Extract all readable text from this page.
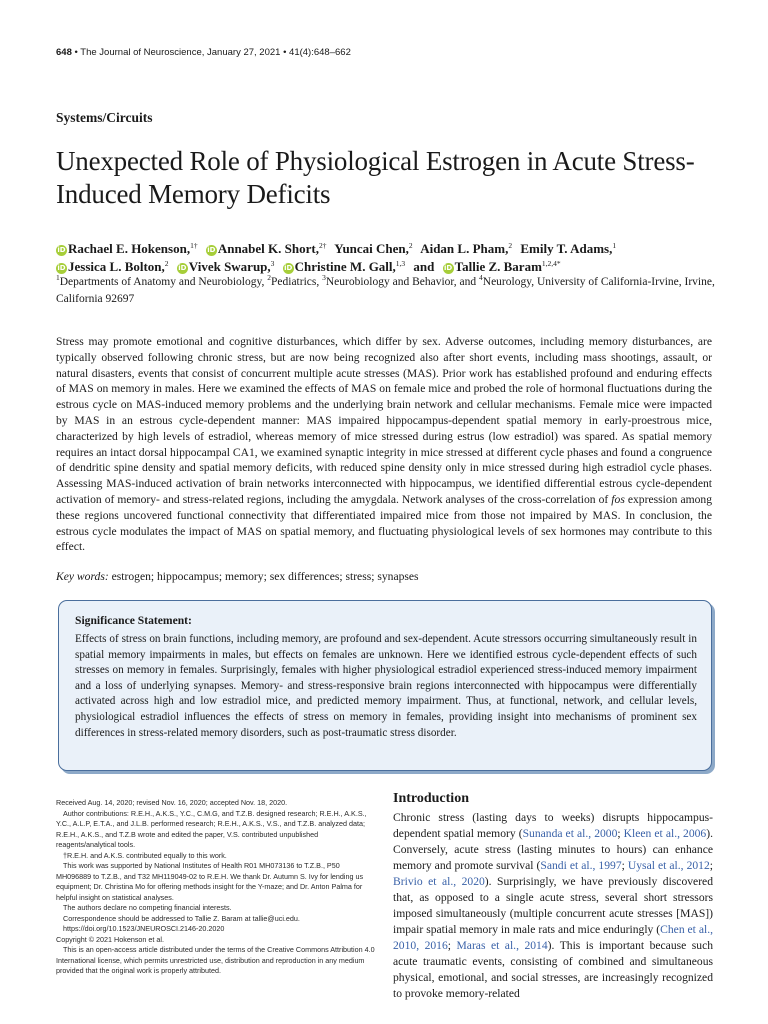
648 • The Journal of Neuroscience, January 27, 2021 • 41(4):648–662
Systems/Circuits
Unexpected Role of Physiological Estrogen in Acute Stress-Induced Memory Deficits
iD Rachael E. Hokenson,$^{1\dagger}$ iD Annabel K. Short,$^{2\dagger}$ Yuncai Chen,$^2$ Aidan L. Pham,$^2$ Emily T. Adams,$^1$ iD Jessica L. Bolton,$^2$ iD Vivek Swarup,$^3$ iD Christine M. Gall,$^{1,3}$ and iD Tallie Z. Baram$^{1,2,4*}$
$^1$Departments of Anatomy and Neurobiology, $^2$Pediatrics, $^3$Neurobiology and Behavior, and $^4$Neurology, University of California-Irvine, Irvine, California 92697

Stress may promote emotional and cognitive disturbances, which differ by sex. Adverse outcomes, including memory disturbances, are typically observed following chronic stress, but are now being recognized also after short events, including mass shootings, assault, or natural disasters, events that consist of concurrent multiple acute stresses (MAS). Prior work has established profound and enduring effects of MAS on memory in males. Here we examined the effects of MAS on female mice and probed the role of hormonal fluctuations during the estrous cycle on MAS-induced memory problems and the underlying brain network and cellular mechanisms. Female mice were impacted by MAS in an estrous cycle-dependent manner: MAS impaired hippocampus-dependent spatial memory in early-proestrous mice, characterized by high levels of estradiol, whereas memory of mice stressed during estrus (low estradiol) was spared. As spatial memory requires an intact dorsal hippocampal CA1, we examined synaptic integrity in mice stressed at different cycle phases and found a congruence of dendritic spine density and spatial memory deficits, with reduced spine density only in mice stressed during high estradiol cycle phases. Assessing MAS-induced activation of brain networks interconnected with hippocampus, we identified differential estrous cycle-dependent activation of memory- and stress-related regions, including the amygdala. Network analyses of the cross-correlation of fos expression among these regions uncovered functional connectivity that differentiated impaired mice from those not impaired by MAS. In conclusion, the estrous cycle modulates the impact of MAS on spatial memory, and fluctuating physiological levels of sex hormones may contribute to this effect.

Key words: estrogen; hippocampus; memory; sex differences; stress; synapses
Significance Statement:

Effects of stress on brain functions, including memory, are profound and sex-dependent. Acute stressors occurring simultaneously result in spatial memory impairments in males, but effects on females are unknown. Here we identified estrous cycle-dependent effects of such stresses on memory in females. Surprisingly, females with higher physiological estradiol experienced stress-induced memory impairment and a loss of underlying synapses. Memory- and stress-responsive brain regions interconnected with hippocampus were differentially activated across high and low estradiol mice, and predicted memory impairment. Thus, at functional, network, and cellular levels, physiological estradiol influences the effects of stress on memory in females, providing insight into mechanisms of prominent sex differences in stress-related memory disorders, such as post-traumatic stress disorder.

Received Aug. 14, 2020; revised Nov. 16, 2020; accepted Nov. 18, 2020.

Author contributions: R.E.H., A.K.S., Y.C., C.M.G, and T.Z.B. designed research; R.E.H., A.K.S., Y.C., A.L.P, E.T.A., and J.L.B. performed research; R.E.H., A.K.S., V.S., and T.Z.B. analyzed data; R.E.H., A.K.S., and T.Z.B wrote and edited the paper, V.S. contributed unpublished reagents/analytical tools.

†R.E.H. and A.K.S. contributed equally to this work.

This work was supported by National Institutes of Health R01 MH073136 to T.Z.B., P50 MH096889 to T.Z.B., and T32 MH119049-02 to R.E.H. We thank Dr. Autumn S. Ivy for lending us equipment; Dr. Christina Mo for offering methods insight for the Y-maze; and Dr. Anton Palma for helpful insight on statistical analyses.

The authors declare no competing financial interests.

Correspondence should be addressed to Tallie Z. Baram at tallie@uci.edu.

https://doi.org/10.1523/JNEUROSCI.2146-20.2020

Copyright © 2021 Hokenson et al.

This is an open-access article distributed under the terms of the Creative Commons Attribution 4.0 International license, which permits unrestricted use, distribution and reproduction in any medium provided that the original work is properly attributed.

Introduction

Chronic stress (lasting days to weeks) disrupts hippocampus-dependent spatial memory (Sunanda et al., 2000; Kleen et al., 2006). Conversely, acute stress (lasting minutes to hours) can enhance memory and promote survival (Sandi et al., 1997; Uysal et al., 2012; Brivio et al., 2020). Surprisingly, we have previously discovered that, as opposed to a single acute stress, several short stressors imposed simultaneously (multiple concurrent acute stresses [MAS]) impair spatial memory in male rats and mice enduringly (Chen et al., 2010, 2016; Maras et al., 2014). This is important because such acute traumatic events, consisting of combined and simultaneous physical, emotional, and social stresses, are increasingly recognized to provoke memory-related
